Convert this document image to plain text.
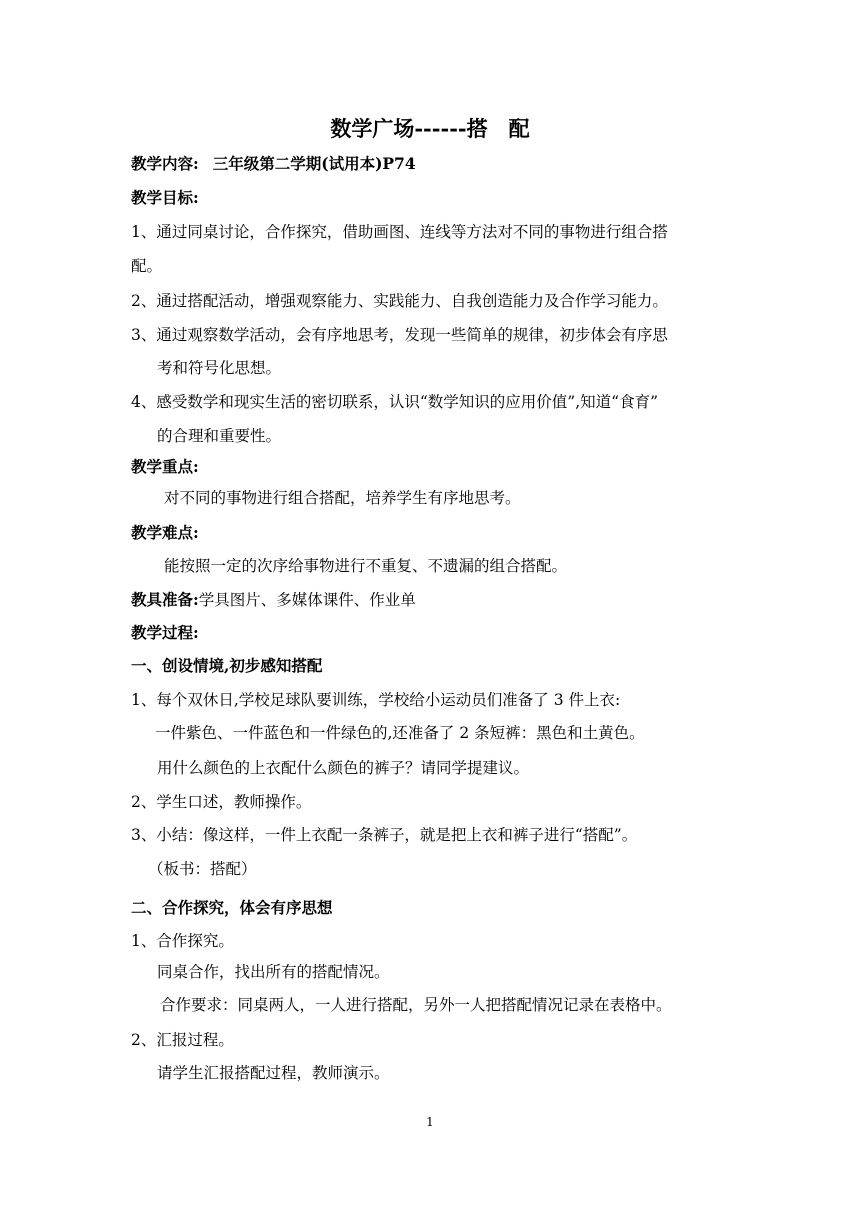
数学广场------搭　配
教学内容: 三年级第二学期(试用本)P74
教学目标:
1、通过同桌讨论，合作探究，借助画图、连线等方法对不同的事物进行组合搭
配。
2、通过搭配活动，增强观察能力、实践能力、自我创造能力及合作学习能力。
3、通过观察数学活动，会有序地思考，发现一些简单的规律，初步体会有序思
考和符号化思想。
4、感受数学和现实生活的密切联系，认识“数学知识的应用价值”,知道“食育”
的合理和重要性。
教学重点:
对不同的事物进行组合搭配，培养学生有序地思考。
教学难点:
能按照一定的次序给事物进行不重复、不遗漏的组合搭配。
教具准备:学具图片、多媒体课件、作业单
教学过程:
一、创设情境,初步感知搭配
1、每个双休日,学校足球队要训练，学校给小运动员们准备了 3 件上衣:
一件紫色、一件蓝色和一件绿色的,还准备了 2 条短裤：黑色和土黄色。
用什么颜色的上衣配什么颜色的裤子？请同学提建议。
2、学生口述，教师操作。
3、小结：像这样，一件上衣配一条裤子，就是把上衣和裤子进行“搭配”。
（板书：搭配）
二、合作探究，体会有序思想
1、合作探究。
同桌合作，找出所有的搭配情况。
合作要求：同桌两人，一人进行搭配，另外一人把搭配情况记录在表格中。
2、汇报过程。
请学生汇报搭配过程，教师演示。
1
